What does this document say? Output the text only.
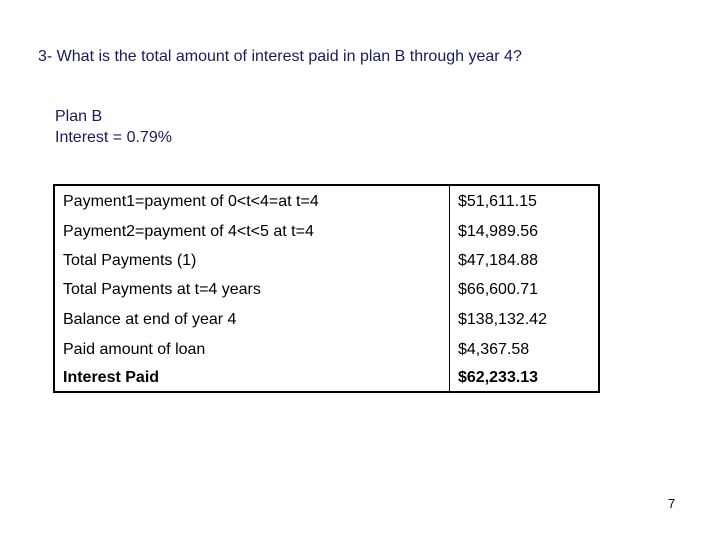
3- What is the total amount of interest paid in plan B through year 4?
Plan B
Interest = 0.79%
Payment1=payment of 0<t<4=at t=4	$51,611.15
Payment2=payment of 4<t<5 at t=4	$14,989.56
Total Payments (1)	$47,184.88
Total Payments at t=4 years	$66,600.71
Balance at end of year 4	$138,132.42
Paid amount of loan	$4,367.58
Interest Paid	$62,233.13
7
